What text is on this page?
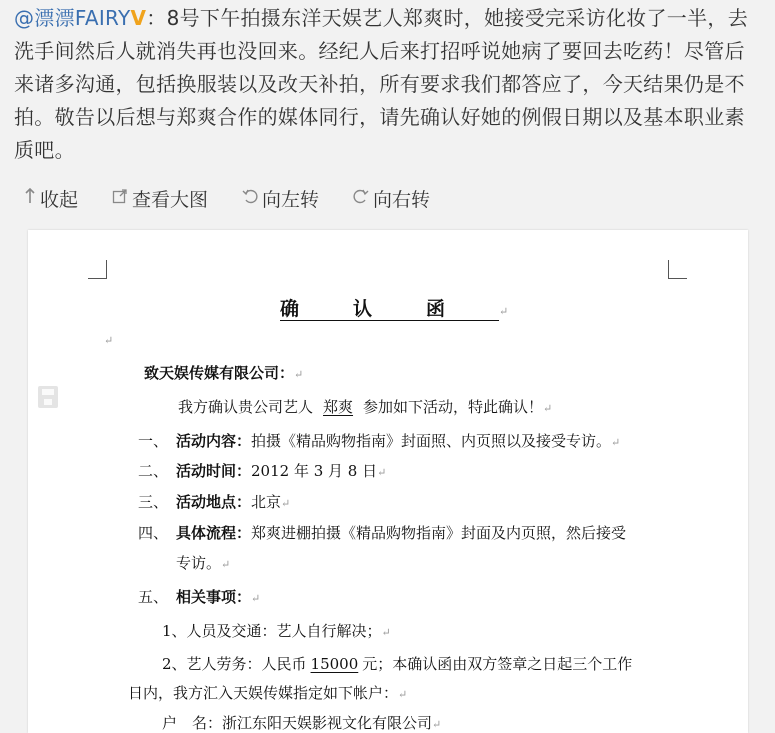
@漂漂FAIRYV：8号下午拍摄东洋天娱艺人郑爽时，她接受完采访化妆了一半，去洗手间然后人就消失再也没回来。经纪人后来打招呼说她病了要回去吃药！尽管后来诸多沟通，包括换服装以及改天补拍，所有要求我们都答应了，今天结果仍是不拍。敬告以后想与郑爽合作的媒体同行，请先确认好她的例假日期以及基本职业素质吧。
收起	查看大图	向左转	向右转
确认函↵
↵
致天娱传媒有限公司：↵
我方确认贵公司艺人 郑爽 参加如下活动，特此确认！↵
一、 活动内容：拍摄《精品购物指南》封面照、内页照以及接受专访。↵
二、 活动时间：2012 年 3 月 8 日↵
三、 活动地点：北京↵
四、 具体流程：郑爽进棚拍摄《精品购物指南》封面及内页照，然后接受
专访。↵
五、 相关事项：↵
1、人员及交通：艺人自行解决；↵
2、艺人劳务：人民币 15000 元；本确认函由双方签章之日起三个工作
日内，我方汇入天娱传媒指定如下帐户：↵
户　名：浙江东阳天娱影视文化有限公司↵
